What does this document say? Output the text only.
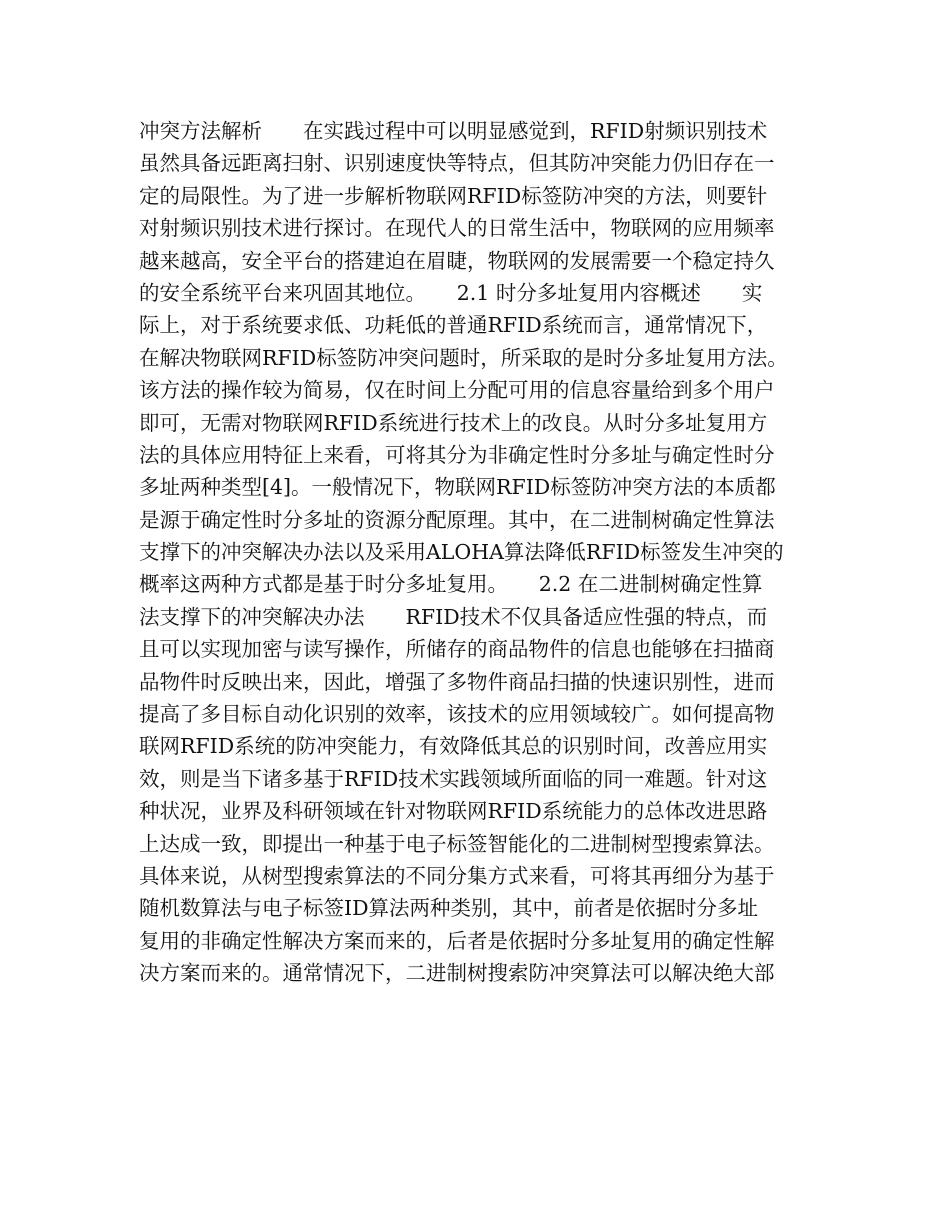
冲突方法解析　　在实践过程中可以明显感觉到，RFID射频识别技术
虽然具备远距离扫射、识别速度快等特点，但其防冲突能力仍旧存在一
定的局限性。为了进一步解析物联网RFID标签防冲突的方法，则要针
对射频识别技术进行探讨。在现代人的日常生活中，物联网的应用频率
越来越高，安全平台的搭建迫在眉睫，物联网的发展需要一个稳定持久
的安全系统平台来巩固其地位。　　2.1 时分多址复用内容概述　　实
际上，对于系统要求低、功耗低的普通RFID系统而言，通常情况下，
在解决物联网RFID标签防冲突问题时，所采取的是时分多址复用方法。
该方法的操作较为简易，仅在时间上分配可用的信息容量给到多个用户
即可，无需对物联网RFID系统进行技术上的改良。从时分多址复用方
法的具体应用特征上来看，可将其分为非确定性时分多址与确定性时分
多址两种类型[4]。一般情况下，物联网RFID标签防冲突方法的本质都
是源于确定性时分多址的资源分配原理。其中，在二进制树确定性算法
支撑下的冲突解决办法以及采用ALOHA算法降低RFID标签发生冲突的
概率这两种方式都是基于时分多址复用。　　2.2 在二进制树确定性算
法支撑下的冲突解决办法　　RFID技术不仅具备适应性强的特点，而
且可以实现加密与读写操作，所储存的商品物件的信息也能够在扫描商
品物件时反映出来，因此，增强了多物件商品扫描的快速识别性，进而
提高了多目标自动化识别的效率，该技术的应用领域较广。如何提高物
联网RFID系统的防冲突能力，有效降低其总的识别时间，改善应用实
效，则是当下诸多基于RFID技术实践领域所面临的同一难题。针对这
种状况，业界及科研领域在针对物联网RFID系统能力的总体改进思路
上达成一致，即提出一种基于电子标签智能化的二进制树型搜索算法。
具体来说，从树型搜索算法的不同分集方式来看，可将其再细分为基于
随机数算法与电子标签ID算法两种类别，其中，前者是依据时分多址
复用的非确定性解决方案而来的，后者是依据时分多址复用的确定性解
决方案而来的。通常情况下，二进制树搜索防冲突算法可以解决绝大部
